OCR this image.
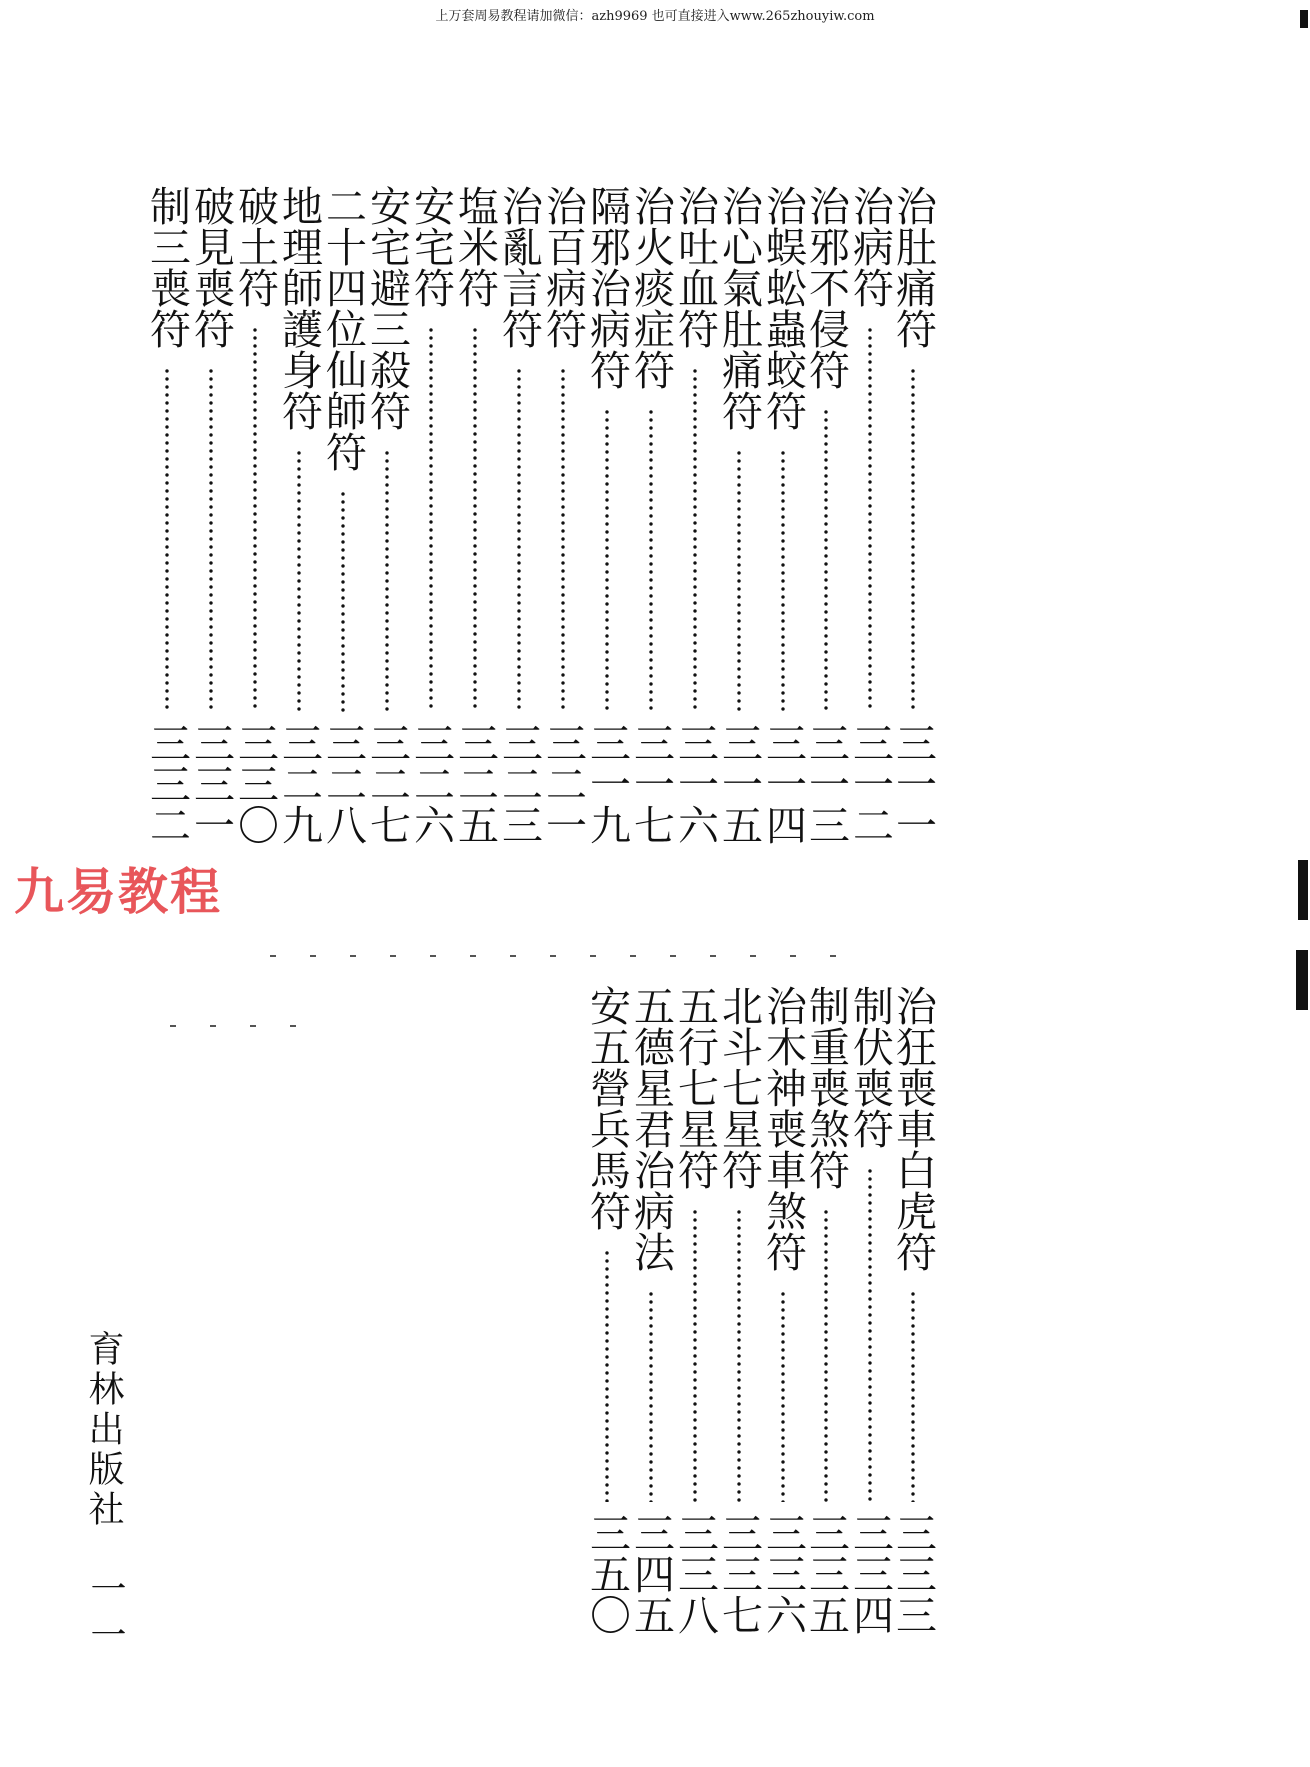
上万套周易教程请加微信：azh9969 也可直接进入www.265zhouyiw.com
治肚痛符
三一一
治病符
三一二
治邪不侵符
三一三
治蜈蚣蟲蛟符
三一四
治心氣肚痛符
三一五
治吐血符
三一六
治火痰症符
三一七
隔邪治病符
三一九
治百病符
三二一
治亂言符
三二三
塩米符
三二五
安宅符
三二六
安宅避三殺符
三二七
二十四位仙師符
三二八
地理師護身符
三二九
破土符
三三〇
破見喪符
三三一
制三喪符
三三二
九易教程
治狂喪車白虎符
三三三
制伏喪符
三三四
制重喪煞符
三三五
治木神喪車煞符
三三六
北斗七星符
三三七
五行七星符
三三八
五德星君治病法
三四五
安五營兵馬符
三五〇
育林出版社
一一
